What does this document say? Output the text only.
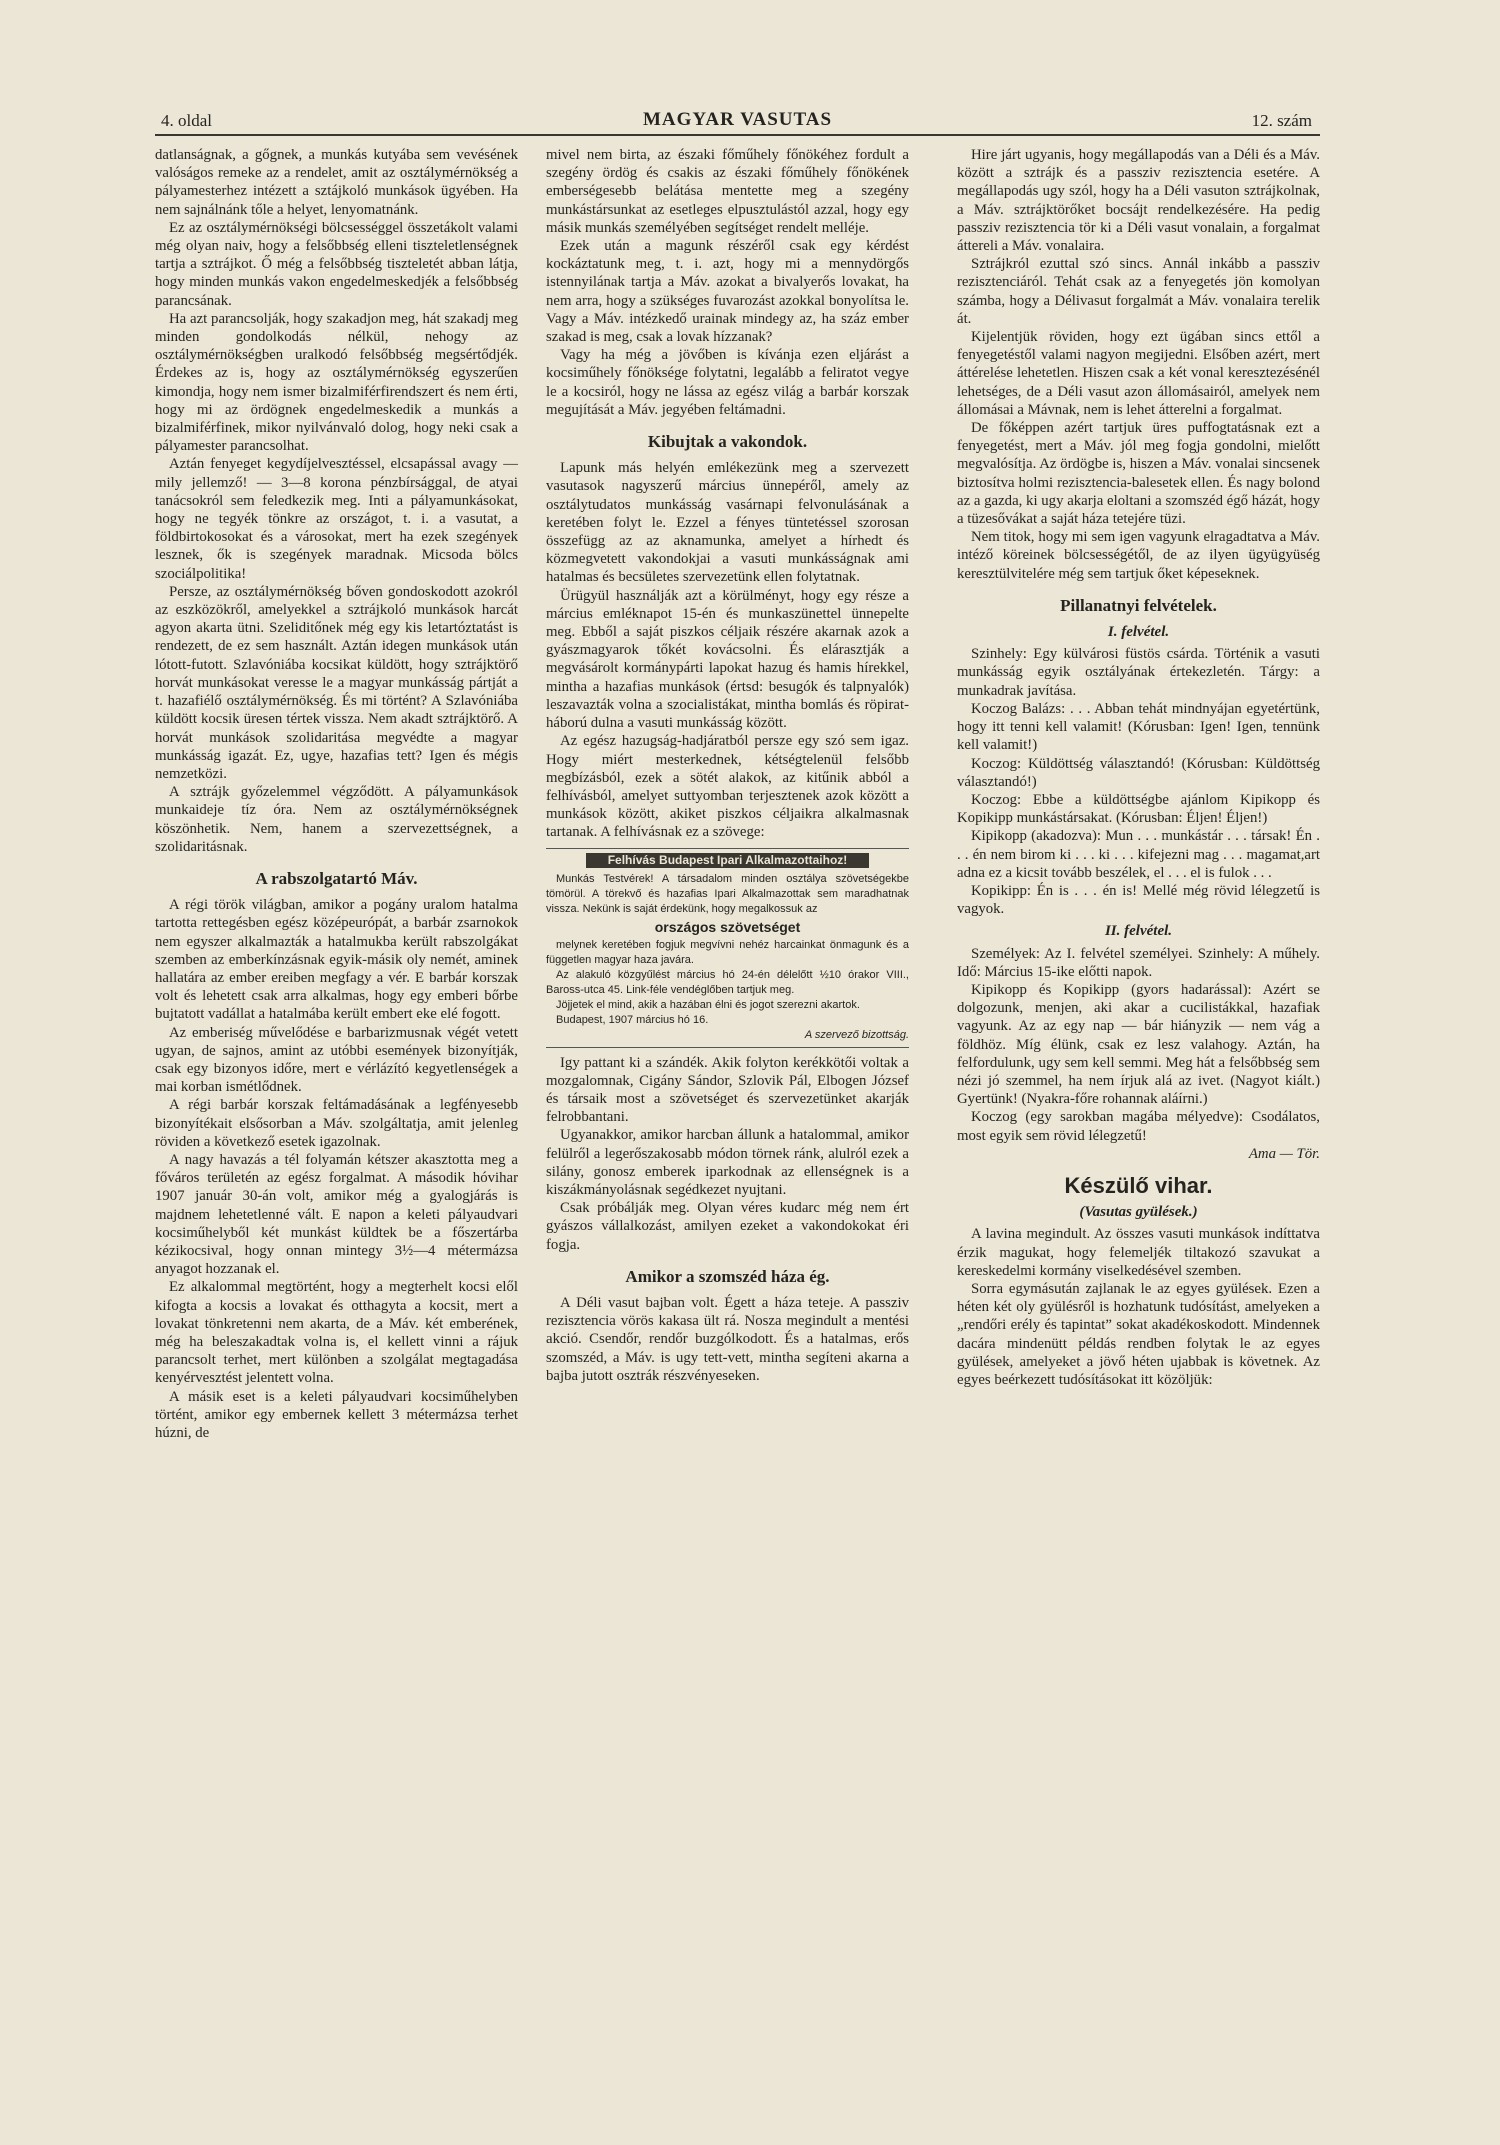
4. oldal	MAGYAR VASUTAS	12. szám

datlanságnak, a gőgnek, a munkás kutyába sem vevésének valóságos remeke az a rendelet, amit az osztálymérnökség a pályamesterhez intézett a sztájkoló munkások ügyében. Ha nem sajnálnánk tőle a helyet, lenyomatnánk.

Ez az osztálymérnökségi bölcsességgel összetákolt valami még olyan naiv, hogy a felsőbbség elleni tiszteletlenségnek tartja a sztrájkot. Ő még a felsőbbség tiszteletét abban látja, hogy minden munkás vakon engedelmeskedjék a felsőbbség parancsának.

Ha azt parancsolják, hogy szakadjon meg, hát szakadj meg minden gondolkodás nélkül, nehogy az osztálymérnökségben uralkodó felsőbbség megsértődjék. Érdekes az is, hogy az osztálymérnökség egyszerűen kimondja, hogy nem ismer bizalmiférfirendszert és nem érti, hogy mi az ördögnek engedelmeskedik a munkás a bizalmiférfinek, mikor nyilvánvaló dolog, hogy neki csak a pályamester parancsolhat.

Aztán fenyeget kegydíjelvesztéssel, elcsapással avagy — mily jellemző! — 3—8 korona pénzbírsággal, de atyai tanácsokról sem feledkezik meg. Inti a pályamunkásokat, hogy ne tegyék tönkre az országot, t. i. a vasutat, a földbirtokosokat és a városokat, mert ha ezek szegények lesznek, ők is szegények maradnak. Micsoda bölcs szociálpolitika!

Persze, az osztálymérnökség bőven gondoskodott azokról az eszközökről, amelyekkel a sztrájkoló munkások harcát agyon akarta ütni. Szeliditőnek még egy kis letartóztatást is rendezett, de ez sem használt. Aztán idegen munkások után lótott-futott. Szlavóniába kocsikat küldött, hogy sztrájktörő horvát munkásokat veresse le a magyar munkásság pártját a t. hazafiélő osztálymérnökség. És mi történt? A Szlavóniába küldött kocsik üresen tértek vissza. Nem akadt sztrájktörő. A horvát munkások szolidaritása megvédte a magyar munkásság igazát. Ez, ugye, hazafias tett? Igen és mégis nemzetközi.

A sztrájk győzelemmel végződött. A pályamunkások munkaideje tíz óra. Nem az osztálymérnökségnek köszönhetik. Nem, hanem a szervezettségnek, a szolidaritásnak.

A rabszolgatartó Máv.

A régi török világban, amikor a pogány uralom hatalma tartotta rettegésben egész középeurópát, a barbár zsarnokok nem egyszer alkalmazták a hatalmukba került rabszolgákat szemben az emberkínzásnak egyik-másik oly nemét, aminek hallatára az ember ereiben megfagy a vér. E barbár korszak volt és lehetett csak arra alkalmas, hogy egy emberi bőrbe bujtatott vadállat a hatalmába került embert eke elé fogott.

Az emberiség művelődése e barbarizmusnak végét vetett ugyan, de sajnos, amint az utóbbi események bizonyítják, csak egy bizonyos időre, mert e vérlázító kegyetlenségek a mai korban ismétlődnek.

A régi barbár korszak feltámadásának a legfényesebb bizonyítékait elsősorban a Máv. szolgáltatja, amit jelenleg röviden a következő esetek igazolnak.

A nagy havazás a tél folyamán kétszer akasztotta meg a főváros területén az egész forgalmat. A második hóvihar 1907 január 30-án volt, amikor még a gyalogjárás is majdnem lehetetlenné vált. E napon a keleti pályaudvari kocsiműhelyből két munkást küldtek be a főszertárba kézikocsival, hogy onnan mintegy 3½—4 métermázsa anyagot hozzanak el.

Ez alkalommal megtörtént, hogy a megterhelt kocsi elől kifogta a kocsis a lovakat és otthagyta a kocsit, mert a lovakat tönkretenni nem akarta, de a Máv. két emberének, még ha beleszakadtak volna is, el kellett vinni a rájuk parancsolt terhet, mert különben a szolgálat megtagadása kenyérvesztést jelentett volna.

A másik eset is a keleti pályaudvari kocsiműhelyben történt, amikor egy embernek kellett 3 métermázsa terhet húzni, de

mivel nem birta, az északi főműhely főnökéhez fordult a szegény ördög és csakis az északi főműhely főnökének emberségesebb belátása mentette meg a szegény munkástársunkat az esetleges elpusztulástól azzal, hogy egy másik munkás személyében segítséget rendelt melléje.

Ezek után a magunk részéről csak egy kérdést kockáztatunk meg, t. i. azt, hogy mi a mennydörgős istennyilának tartja a Máv. azokat a bivalyerős lovakat, ha nem arra, hogy a szükséges fuvarozást azokkal bonyolítsa le. Vagy a Máv. intézkedő urainak mindegy az, ha száz ember szakad is meg, csak a lovak hízzanak?

Vagy ha még a jövőben is kívánja ezen eljárást a kocsiműhely főnöksége folytatni, legalább a feliratot vegye le a kocsiról, hogy ne lássa az egész világ a barbár korszak megujítását a Máv. jegyében feltámadni.

Kibujtak a vakondok.

Lapunk más helyén emlékezünk meg a szervezett vasutasok nagyszerű március ünnepéről, amely az osztálytudatos munkásság vasárnapi felvonulásának a keretében folyt le. Ezzel a fényes tüntetéssel szorosan összefügg az az aknamunka, amelyet a hírhedt és közmegvetett vakondokjai a vasuti munkásságnak ami hatalmas és becsületes szervezetünk ellen folytatnak.

Ürügyül használják azt a körülményt, hogy egy része a március emléknapot 15-én és munkaszünettel ünnepelte meg. Ebből a saját piszkos céljaik részére akarnak azok a gyászmagyarok tőkét kovácsolni. És elárasztják a megvásárolt kormánypárti lapokat hazug és hamis hírekkel, mintha a hazafias munkások (értsd: besugók és talpnyalók) leszavazták volna a szocialistákat, mintha bomlás és röpirat-háború dulna a vasuti munkásság között.

Az egész hazugság-hadjáratból persze egy szó sem igaz. Hogy miért mesterkednek, kétségtelenül felsőbb megbízásból, ezek a sötét alakok, az kitűnik abból a felhívásból, amelyet suttyomban terjesztenek azok között a munkások között, akiket piszkos céljaikra alkalmasnak tartanak. A felhívásnak ez a szövege:

Felhívás Budapest Ipari Alkalmazottaihoz!

Munkás Testvérek! A társadalom minden osztálya szövetségekbe tömörül. A törekvő és hazafias Ipari Alkalmazottak sem maradhatnak vissza. Nekünk is saját érdekünk, hogy megalkossuk az

országos szövetséget

melynek keretében fogjuk megvívni nehéz harcainkat önmagunk és a független magyar haza javára.

Az alakuló közgyűlést március hó 24-én délelőtt ½10 órakor VIII., Baross-utca 45. Link-féle vendéglőben tartjuk meg.

Jöjjetek el mind, akik a hazában élni és jogot szerezni akartok.

Budapest, 1907 március hó 16.

A szervező bizottság.

Igy pattant ki a szándék. Akik folyton kerékkötői voltak a mozgalomnak, Cigány Sándor, Szlovik Pál, Elbogen József és társaik most a szövetséget és szervezetünket akarják felrobbantani.

Ugyanakkor, amikor harcban állunk a hatalommal, amikor felülről a legerőszakosabb módon törnek ránk, alulról ezek a silány, gonosz emberek iparkodnak az ellenségnek is a kiszákmányolásnak segédkezet nyujtani.

Csak próbálják meg. Olyan véres kudarc még nem ért gyászos vállalkozást, amilyen ezeket a vakondokokat éri fogja.

Amikor a szomszéd háza ég.

A Déli vasut bajban volt. Égett a háza teteje. A passziv rezisztencia vörös kakasa ült rá. Nosza megindult a mentési akció. Csendőr, rendőr buzgólkodott. És a hatalmas, erős szomszéd, a Máv. is ugy tett-vett, mintha segíteni akarna a bajba jutott osztrák részvényeseken.

Hire járt ugyanis, hogy megállapodás van a Déli és a Máv. között a sztrájk és a passziv rezisztencia esetére. A megállapodás ugy szól, hogy ha a Déli vasuton sztrájkolnak, a Máv. sztrájktörőket bocsájt rendelkezésére. Ha pedig passziv rezisztencia tör ki a Déli vasut vonalain, a forgalmat áttereli a Máv. vonalaira.

Sztrájkról ezuttal szó sincs. Annál inkább a passziv rezisztenciáról. Tehát csak az a fenyegetés jön komolyan számba, hogy a Délivasut forgalmát a Máv. vonalaira terelik át.

Kijelentjük röviden, hogy ezt ügában sincs ettől a fenyegetéstől valami nagyon megijedni. Elsőben azért, mert áttérelése lehetetlen. Hiszen csak a két vonal keresztezésénél lehetséges, de a Déli vasut azon állomásairól, amelyek nem állomásai a Mávnak, nem is lehet átterelni a forgalmat.

De főképpen azért tartjuk üres puffogtatásnak ezt a fenyegetést, mert a Máv. jól meg fogja gondolni, mielőtt megvalósítja. Az ördögbe is, hiszen a Máv. vonalai sincsenek biztosítva holmi rezisztencia-balesetek ellen. És nagy bolond az a gazda, ki ugy akarja eloltani a szomszéd égő házát, hogy a tüzesővákat a saját háza tetejére tüzi.

Nem titok, hogy mi sem igen vagyunk elragadtatva a Máv. intéző köreinek bölcsességétől, de az ilyen ügyügyüség keresztülvitelére még sem tartjuk őket képeseknek.

Pillanatnyi felvételek.

I. felvétel.

Szinhely: Egy külvárosi füstös csárda. Történik a vasuti munkásság egyik osztályának értekezletén. Tárgy: a munkadrak javítása.

Koczog Balázs: . . . Abban tehát mindnyájan egyetértünk, hogy itt tenni kell valamit! (Kórusban: Igen! Igen, tennünk kell valamit!)

Koczog: Küldöttség választandó! (Kórusban: Küldöttség választandó!)

Koczog: Ebbe a küldöttségbe ajánlom Kipikopp és Kopikipp munkástársakat. (Kórusban: Éljen! Éljen!)

Kipikopp (akadozva): Mun . . . munkástár . . . társak! Én . . . én nem birom ki . . . ki . . . kifejezni mag . . . magamat,art adna ez a kicsit tovább beszélek, el . . . el is fulok . . .

Kopikipp: Én is . . . én is! Mellé még rövid lélegzetű is vagyok.

II. felvétel.

Személyek: Az I. felvétel személyei. Szinhely: A műhely. Idő: Március 15-ike előtti napok.

Kipikopp és Kopikipp (gyors hadarással): Azért se dolgozunk, menjen, aki akar a cucilistákkal, hazafiak vagyunk. Az az egy nap — bár hiányzik — nem vág a földhöz. Míg élünk, csak ez lesz valahogy. Aztán, ha felfordulunk, ugy sem kell semmi. Meg hát a felsőbbség sem nézi jó szemmel, ha nem írjuk alá az ivet. (Nagyot kiált.) Gyertünk! (Nyakra-főre rohannak aláírni.)

Koczog (egy sarokban magába mélyedve): Csodálatos, most egyik sem rövid lélegzetű!

Ama — Tör.

Készülő vihar.

(Vasutas gyülések.)

A lavina megindult. Az összes vasuti munkások indíttatva érzik magukat, hogy felemeljék tiltakozó szavukat a kereskedelmi kormány viselkedésével szemben.

Sorra egymásután zajlanak le az egyes gyülések. Ezen a héten két oly gyülésről is hozhatunk tudósítást, amelyeken a „rendőri erély és tapintat” sokat akadékoskodott. Mindennek dacára mindenütt példás rendben folytak le az egyes gyülések, amelyeket a jövő héten ujabbak is követnek. Az egyes beérkezett tudósításokat itt közöljük:
